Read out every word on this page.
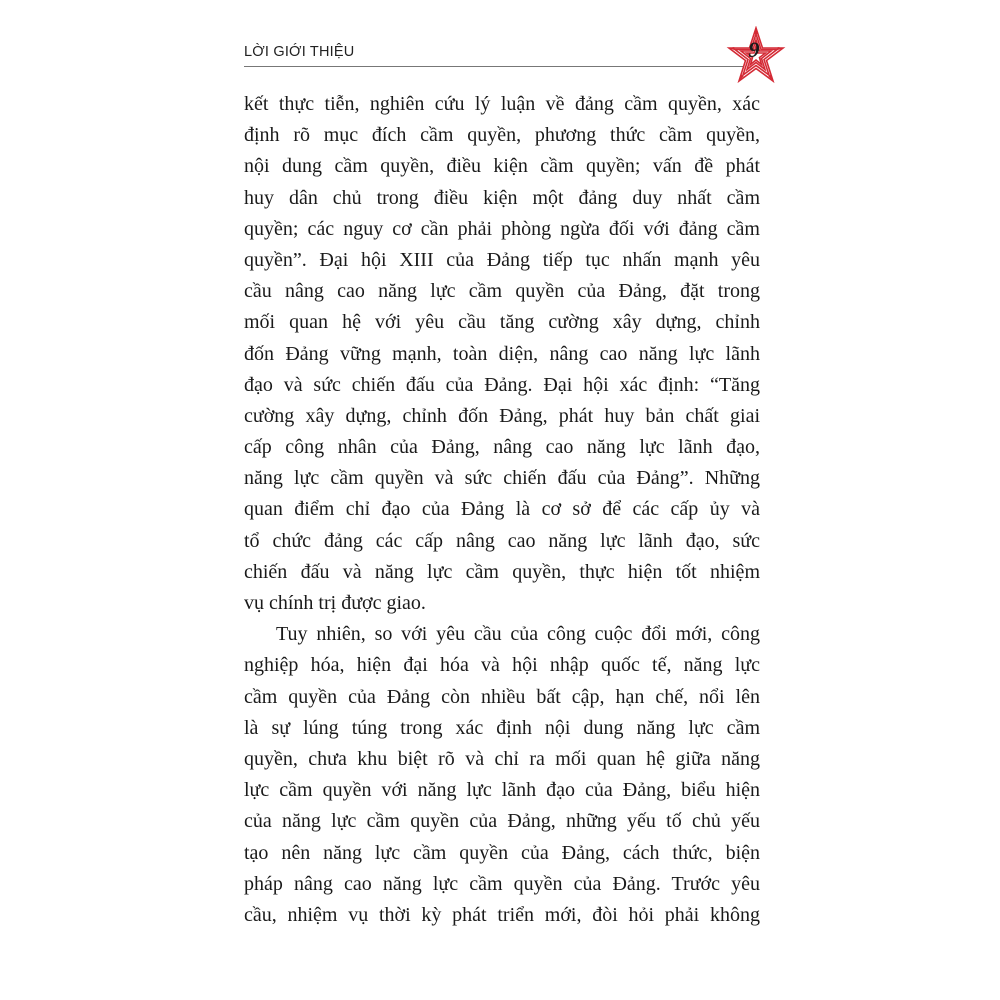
LỜI GIỚI THIỆU	9
kết thực tiễn, nghiên cứu lý luận về đảng cầm quyền, xác
định rõ mục đích cầm quyền, phương thức cầm quyền,
nội dung cầm quyền, điều kiện cầm quyền; vấn đề phát
huy dân chủ trong điều kiện một đảng duy nhất cầm
quyền; các nguy cơ cần phải phòng ngừa đối với đảng cầm
quyền”. Đại hội XIII của Đảng tiếp tục nhấn mạnh yêu
cầu nâng cao năng lực cầm quyền của Đảng, đặt trong
mối quan hệ với yêu cầu tăng cường xây dựng, chỉnh
đốn Đảng vững mạnh, toàn diện, nâng cao năng lực lãnh
đạo và sức chiến đấu của Đảng. Đại hội xác định: “Tăng
cường xây dựng, chỉnh đốn Đảng, phát huy bản chất giai
cấp công nhân của Đảng, nâng cao năng lực lãnh đạo,
năng lực cầm quyền và sức chiến đấu của Đảng”. Những
quan điểm chỉ đạo của Đảng là cơ sở để các cấp ủy và
tổ chức đảng các cấp nâng cao năng lực lãnh đạo, sức
chiến đấu và năng lực cầm quyền, thực hiện tốt nhiệm
vụ chính trị được giao.
Tuy nhiên, so với yêu cầu của công cuộc đổi mới, công
nghiệp hóa, hiện đại hóa và hội nhập quốc tế, năng lực
cầm quyền của Đảng còn nhiều bất cập, hạn chế, nổi lên
là sự lúng túng trong xác định nội dung năng lực cầm
quyền, chưa khu biệt rõ và chỉ ra mối quan hệ giữa năng
lực cầm quyền với năng lực lãnh đạo của Đảng, biểu hiện
của năng lực cầm quyền của Đảng, những yếu tố chủ yếu
tạo nên năng lực cầm quyền của Đảng, cách thức, biện
pháp nâng cao năng lực cầm quyền của Đảng. Trước yêu
cầu, nhiệm vụ thời kỳ phát triển mới, đòi hỏi phải không
